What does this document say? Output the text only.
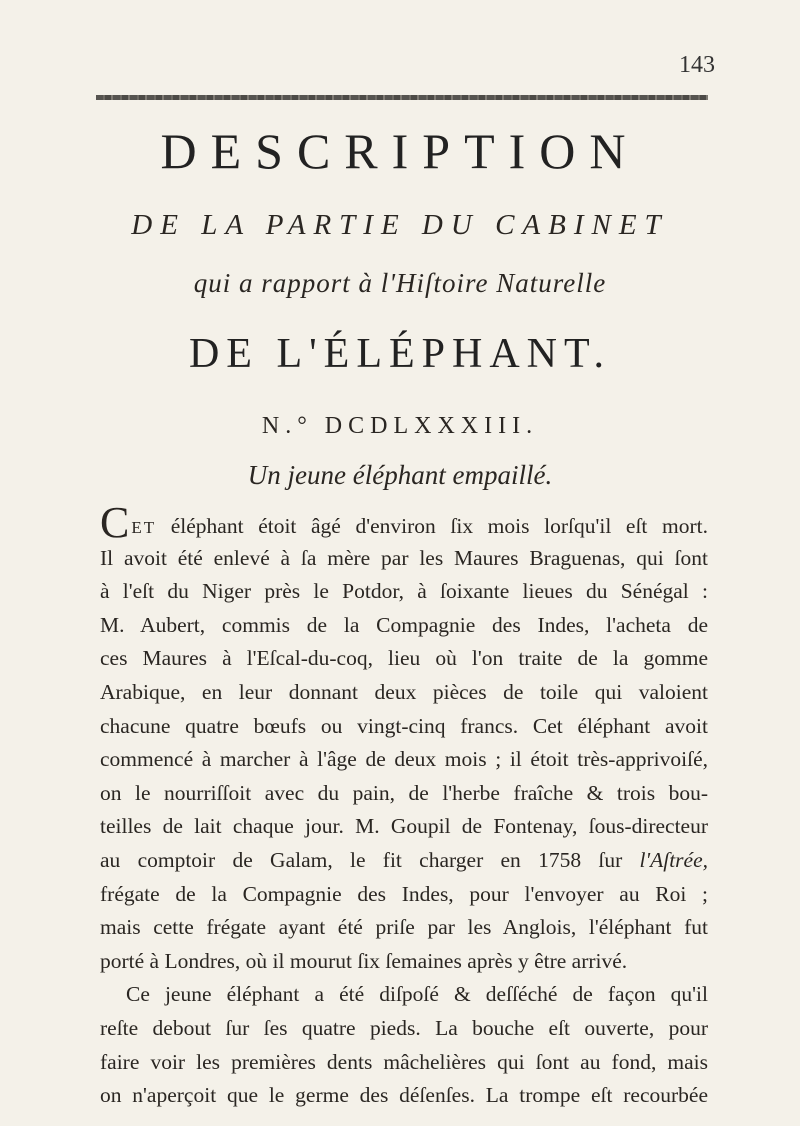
143
DESCRIPTION
DE LA PARTIE DU CABINET
qui a rapport à l'Hiſtoire Naturelle
DE L'ÉLÉPHANT.
N.° DCDLXXXIII.
Un jeune éléphant empaillé.
CET éléphant étoit âgé d'environ ſix mois lorſqu'il eſt mort.
Il avoit été enlevé à ſa mère par les Maures Braguenas, qui ſont
à l'eſt du Niger près le Potdor, à ſoixante lieues du Sénégal :
M. Aubert, commis de la Compagnie des Indes, l'acheta de
ces Maures à l'Eſcal-du-coq, lieu où l'on traite de la gomme
Arabique, en leur donnant deux pièces de toile qui valoient
chacune quatre bœufs ou vingt-cinq francs. Cet éléphant avoit
commencé à marcher à l'âge de deux mois ; il étoit très-apprivoiſé,
on le nourriſſoit avec du pain, de l'herbe fraîche & trois bou-
teilles de lait chaque jour. M. Goupil de Fontenay, ſous-directeur
au comptoir de Galam, le fit charger en 1758 ſur l'Aſtrée,
frégate de la Compagnie des Indes, pour l'envoyer au Roi ;
mais cette frégate ayant été priſe par les Anglois, l'éléphant fut
porté à Londres, où il mourut ſix ſemaines après y être arrivé.
Ce jeune éléphant a été diſpoſé & deſſéché de façon qu'il
reſte debout ſur ſes quatre pieds. La bouche eſt ouverte, pour
faire voir les premières dents mâchelières qui ſont au fond, mais
on n'aperçoit que le germe des déſenſes. La trompe eſt recourbée
